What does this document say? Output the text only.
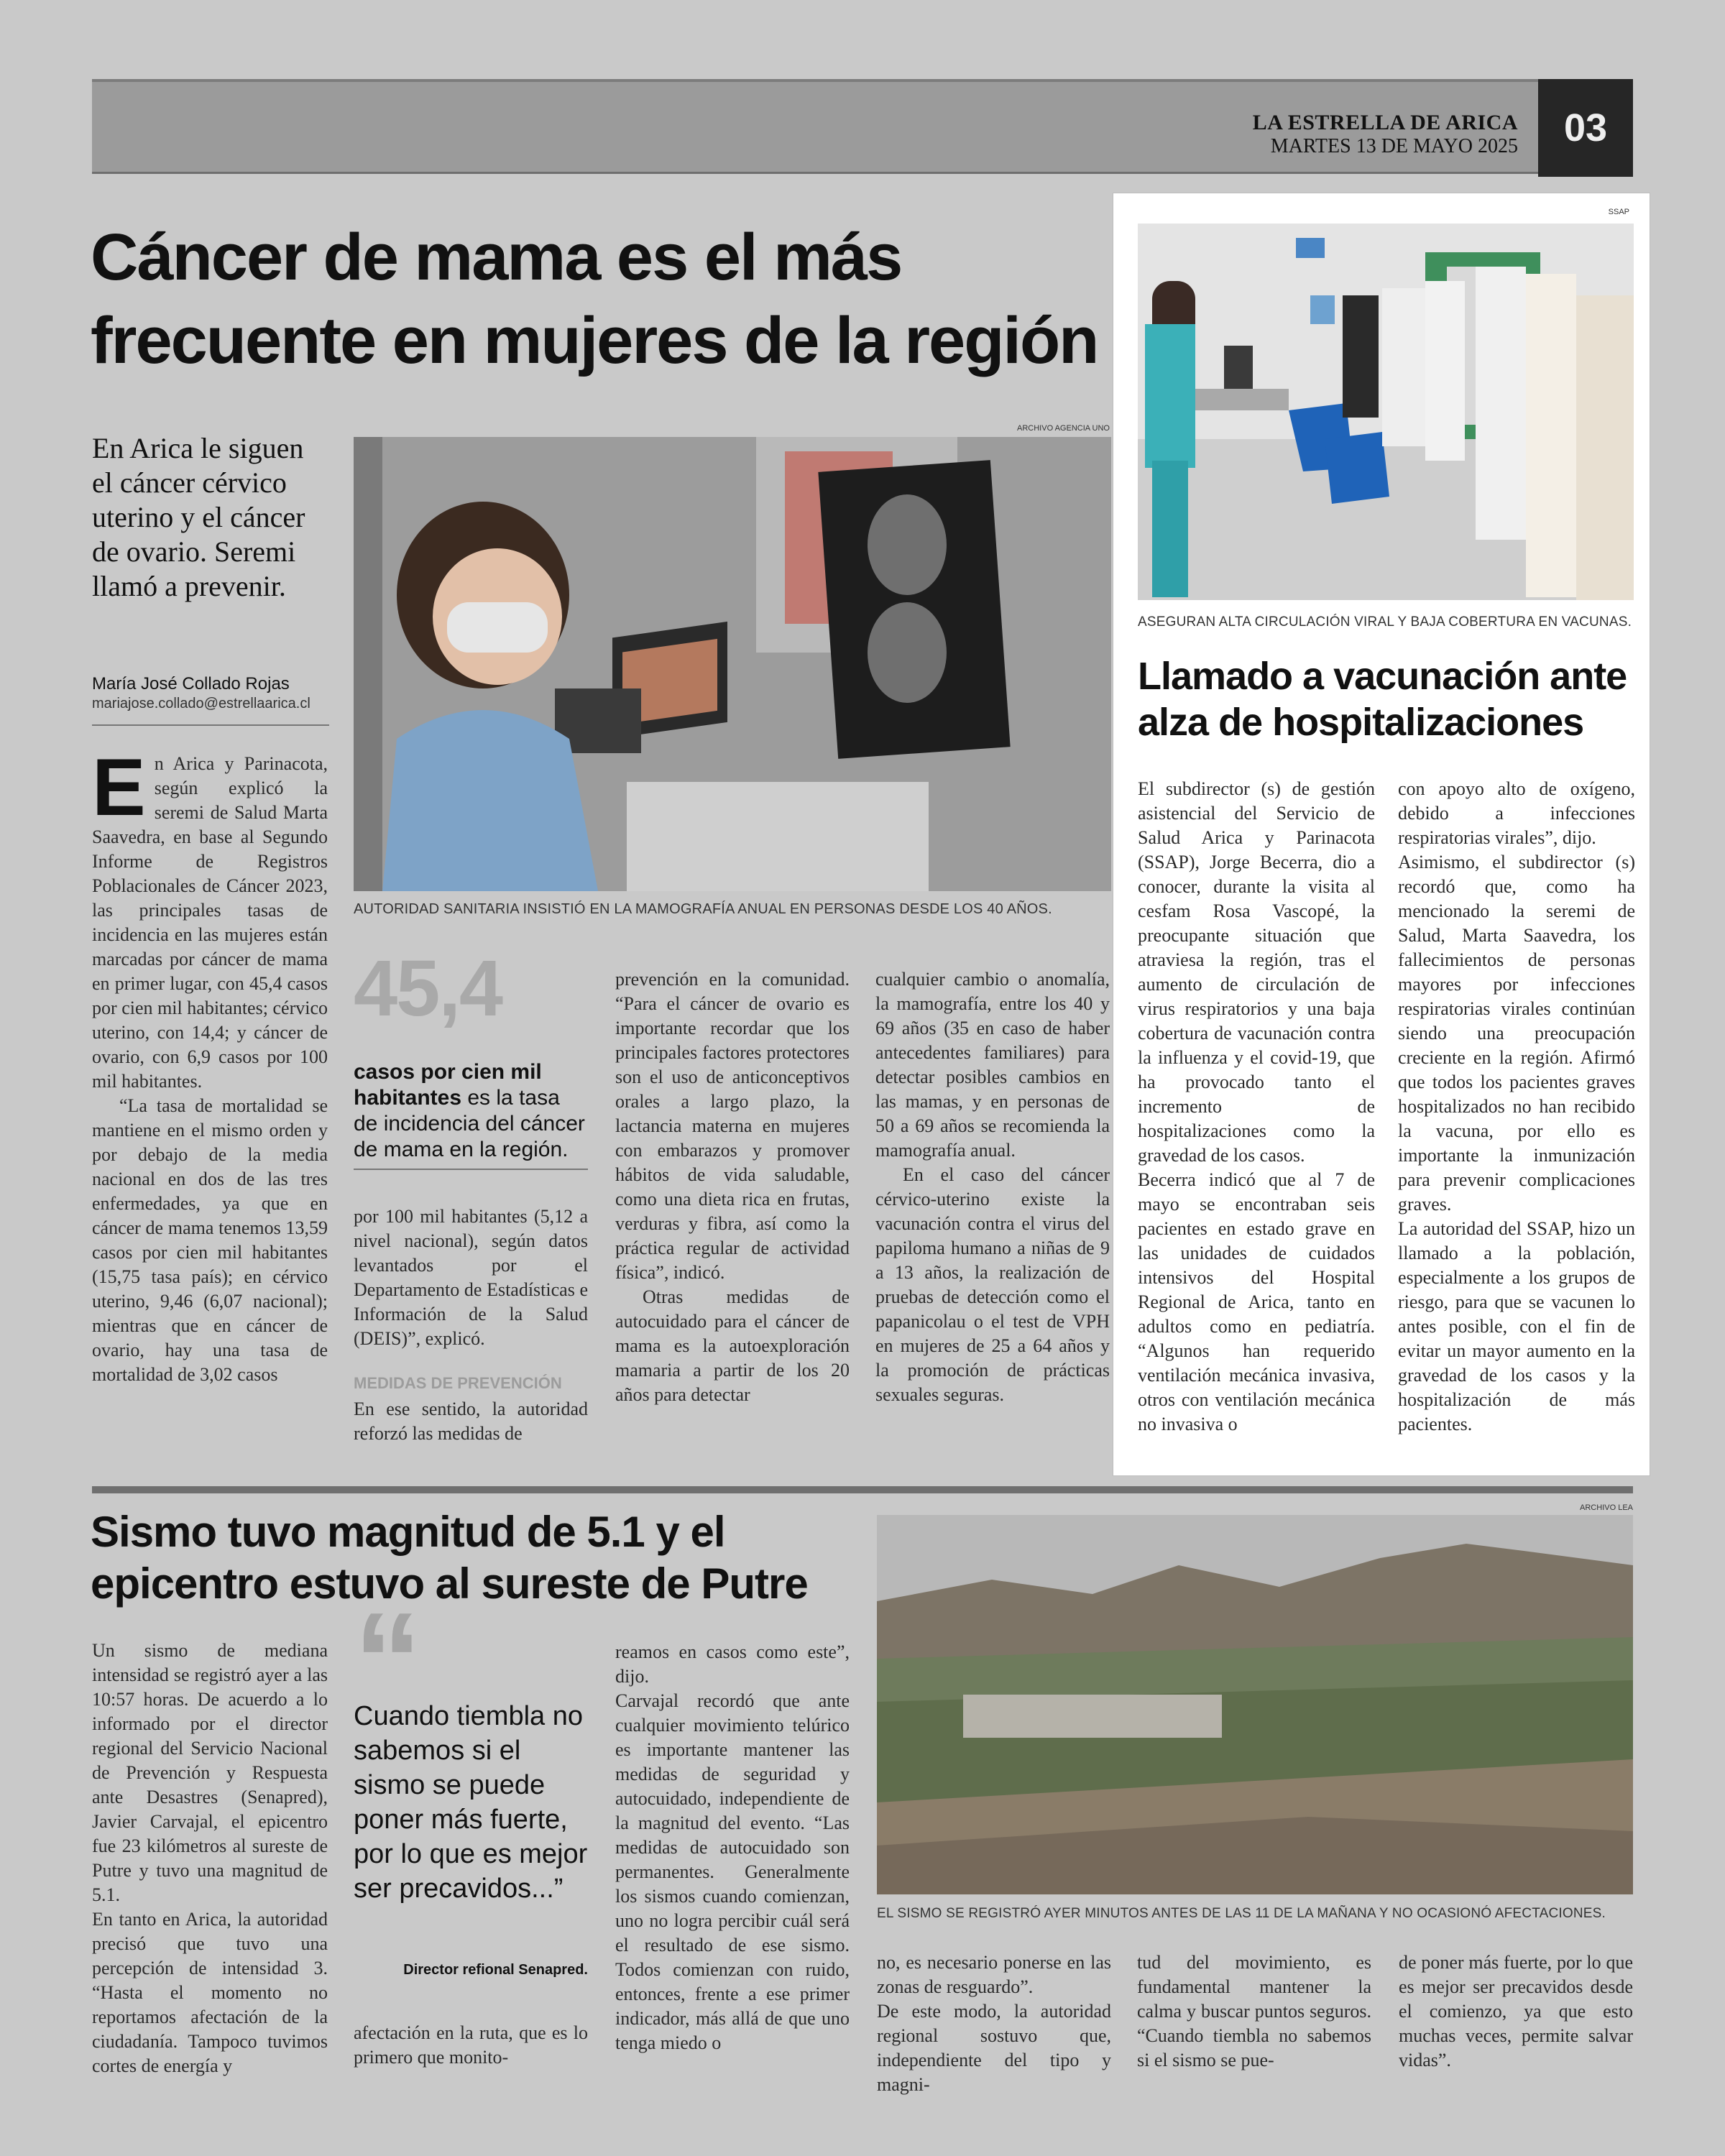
LA ESTRELLA DE ARICA
MARTES 13 DE MAYO 2025	03
Cáncer de mama es el más
frecuente en mujeres de la región
ARCHIVO AGENCIA UNO
AUTORIDAD SANITARIA INSISTIÓ EN LA MAMOGRAFÍA ANUAL EN PERSONAS DESDE LOS 40 AÑOS.
En Arica le siguen el cáncer cérvico uterino y el cáncer de ovario. Seremi llamó a prevenir.
María José Collado Rojas
mariajose.collado@estrellaarica.cl
E n Arica y Parinacota, según explicó la seremi de Salud Marta Saavedra, en base al Segundo Informe de Registros Poblacionales de Cáncer 2023, las principales tasas de incidencia en las mujeres están marcadas por cáncer de mama en primer lugar, con 45,4 casos por cien mil habitantes; cérvico uterino, con 14,4; y cáncer de ovario, con 6,9 casos por 100 mil habitantes.

“La tasa de mortalidad se mantiene en el mismo orden y por debajo de la media nacional en dos de las tres enfermedades, ya que en cáncer de mama tenemos 13,59 casos por cien mil habitantes (15,75 tasa país); en cérvico uterino, 9,46 (6,07 nacional); mientras que en cáncer de ovario, hay una tasa de mortalidad de 3,02 casos

45,4
casos por cien mil habitantes es la tasa de incidencia del cáncer de mama en la región.

por 100 mil habitantes (5,12 a nivel nacional), según datos levantados por el Departamento de Estadísticas e Información de la Salud (DEIS)”, explicó.

MEDIDAS DE PREVENCIÓN

En ese sentido, la autoridad reforzó las medidas de

prevención en la comunidad. “Para el cáncer de ovario es importante recordar que los principales factores protectores son el uso de anticonceptivos orales a largo plazo, la lactancia materna en mujeres con embarazos y promover hábitos de vida saludable, como una dieta rica en frutas, verduras y fibra, así como la práctica regular de actividad física”, indicó.

Otras medidas de autocuidado para el cáncer de mama es la autoexploración mamaria a partir de los 20 años para detectar

cualquier cambio o anomalía, la mamografía, entre los 40 y 69 años (35 en caso de haber antecedentes familiares) para detectar posibles cambios en las mamas, y en personas de 50 a 69 años se recomienda la mamografía anual.

En el caso del cáncer cérvico-uterino existe la vacunación contra el virus del papiloma humano a niñas de 9 a 13 años, la realización de pruebas de detección como el papanicolau o el test de VPH en mujeres de 25 a 64 años y la promoción de prácticas sexuales seguras.

SSAP
ASEGURAN ALTA CIRCULACIÓN VIRAL Y BAJA COBERTURA EN VACUNAS.
Llamado a vacunación ante
alza de hospitalizaciones

El subdirector (s) de gestión asistencial del Servicio de Salud Arica y Parinacota (SSAP), Jorge Becerra, dio a conocer, durante la visita al cesfam Rosa Vascopé, la preocupante situación que atraviesa la región, tras el aumento de circulación de virus respiratorios y una baja cobertura de vacunación contra la influenza y el covid-19, que ha provocado tanto el incremento de hospitalizaciones como la gravedad de los casos.

Becerra indicó que al 7 de mayo se encontraban seis pacientes en estado grave en las unidades de cuidados intensivos del Hospital Regional de Arica, tanto en adultos como en pediatría. “Algunos han requerido ventilación mecánica invasiva, otros con ventilación mecánica no invasiva o

con apoyo alto de oxígeno, debido a infecciones respiratorias virales”, dijo.

Asimismo, el subdirector (s) recordó que, como ha mencionado la seremi de Salud, Marta Saavedra, los fallecimientos de personas mayores por infecciones respiratorias virales continúan siendo una preocupación creciente en la región. Afirmó que todos los pacientes graves hospitalizados no han recibido la vacuna, por ello es importante la inmunización para prevenir complicaciones graves.

La autoridad del SSAP, hizo un llamado a la población, especialmente a los grupos de riesgo, para que se vacunen lo antes posible, con el fin de evitar un mayor aumento en la gravedad de los casos y la hospitalización de más pacientes.

Sismo tuvo magnitud de 5.1 y el
epicentro estuvo al sureste de Putre
ARCHIVO LEA
EL SISMO SE REGISTRÓ AYER MINUTOS ANTES DE LAS 11 DE LA MAÑANA Y NO OCASIONÓ AFECTACIONES.

Un sismo de mediana intensidad se registró ayer a las 10:57 horas. De acuerdo a lo informado por el director regional del Servicio Nacional de Prevención y Respuesta ante Desastres (Senapred), Javier Carvajal, el epicentro fue 23 kilómetros al sureste de Putre y tuvo una magnitud de 5.1.

En tanto en Arica, la autoridad precisó que tuvo una percepción de intensidad 3. “Hasta el momento no reportamos afectación de la ciudadanía. Tampoco tuvimos cortes de energía y

“
Cuando tiembla no sabemos si el sismo se puede poner más fuerte, por lo que es mejor ser precavidos...”
Director refional Senapred.

afectación en la ruta, que es lo primero que monito-

reamos en casos como este”, dijo.

Carvajal recordó que ante cualquier movimiento telúrico es importante mantener las medidas de seguridad y autocuidado, independiente de la magnitud del evento. “Las medidas de autocuidado son permanentes. Generalmente los sismos cuando comienzan, uno no logra percibir cuál será el resultado de ese sismo. Todos comienzan con ruido, entonces, frente a ese primer indicador, más allá de que uno tenga miedo o

no, es necesario ponerse en las zonas de resguardo”.

De este modo, la autoridad regional sostuvo que, independiente del tipo y magni-

tud del movimiento, es fundamental mantener la calma y buscar puntos seguros. “Cuando tiembla no sabemos si el sismo se pue-

de poner más fuerte, por lo que es mejor ser precavidos desde el comienzo, ya que esto muchas veces, permite salvar vidas”.
